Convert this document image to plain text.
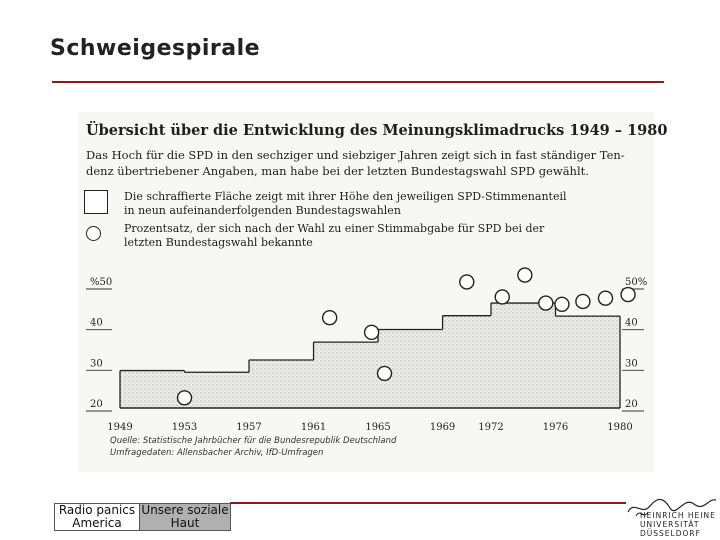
Schweigespirale
Übersicht über die Entwicklung des Meinungsklimadrucks 1949 – 1980
Das Hoch für die SPD in den sechziger und siebziger Jahren zeigt sich in fast ständiger Ten-
denz übertriebener Angaben, man habe bei der letzten Bundestagswahl SPD gewählt.
Die schraffierte Fläche zeigt mit ihrer Höhe den jeweiligen SPD-Stimmenanteil
in neun aufeinanderfolgenden Bundestagswahlen
Prozentsatz, der sich nach der Wahl zu einer Stimmabgabe für SPD bei der
letzten Bundestagswahl bekannte
%50	50%
40	40
30	30
20	20
1949	1953	1957	1961	1965	1969 1972	1976	1980
Quelle: Statistische Jahrbücher für die Bundesrepublik Deutschland
Umfragedaten: Allensbacher Archiv, IfD-Umfragen
Radio panics America
Unsere soziale Haut
HEINRICH HEINE
UNIVERSITÄT
DÜSSELDORF
